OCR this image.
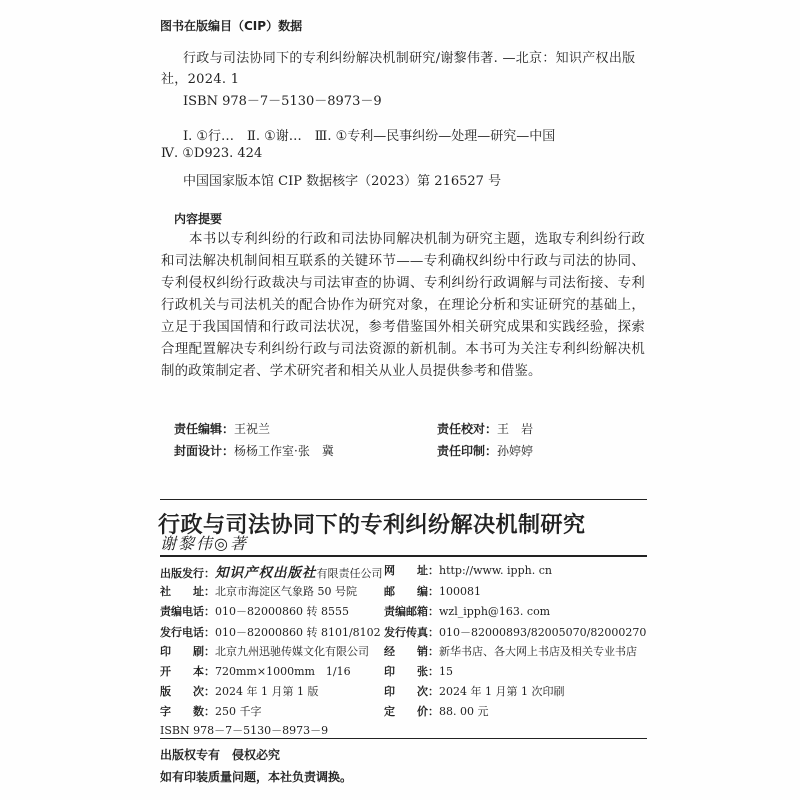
图书在版编目（CIP）数据
行政与司法协同下的专利纠纷解决机制研究/谢黎伟著. —北京：知识产权出版
社，2024. 1
ISBN 978－7－5130－8973－9
Ⅰ. ①行…　Ⅱ. ①谢…　Ⅲ. ①专利—民事纠纷—处理—研究—中国
Ⅳ. ①D923. 424
中国国家版本馆 CIP 数据核字（2023）第 216527 号
内容提要
本书以专利纠纷的行政和司法协同解决机制为研究主题，选取专利纠纷行政和司法解决机制间相互联系的关键环节——专利确权纠纷中行政与司法的协同、专利侵权纠纷行政裁决与司法审查的协调、专利纠纷行政调解与司法衔接、专利行政机关与司法机关的配合协作为研究对象，在理论分析和实证研究的基础上，立足于我国国情和行政司法状况，参考借鉴国外相关研究成果和实践经验，探索合理配置解决专利纠纷行政与司法资源的新机制。本书可为关注专利纠纷解决机制的政策制定者、学术研究者和相关从业人员提供参考和借鉴。
责任编辑：王祝兰	责任校对：王　岩
封面设计：杨杨工作室·张　冀	责任印制：孙婷婷
行政与司法协同下的专利纠纷解决机制研究
谢黎伟◎著
出版发行：知识产权出版社有限责任公司
社　　址：北京市海淀区气象路 50 号院
责编电话：010－82000860 转 8555
发行电话：010－82000860 转 8101/8102
印　　刷：北京九州迅驰传媒文化有限公司
开　　本：720mm×1000mm　1/16
版　　次：2024 年 1 月第 1 版
字　　数：250 千字
网　　址：http://www. ipph. cn
邮　　编：100081
责编邮箱：wzl_ipph@163. com
发行传真：010－82000893/82005070/82000270
经　　销：新华书店、各大网上书店及相关专业书店
印　　张：15
印　　次：2024 年 1 月第 1 次印刷
定　　价：88. 00 元
ISBN 978－7－5130－8973－9
出版权专有　侵权必究
如有印装质量问题，本社负责调换。
